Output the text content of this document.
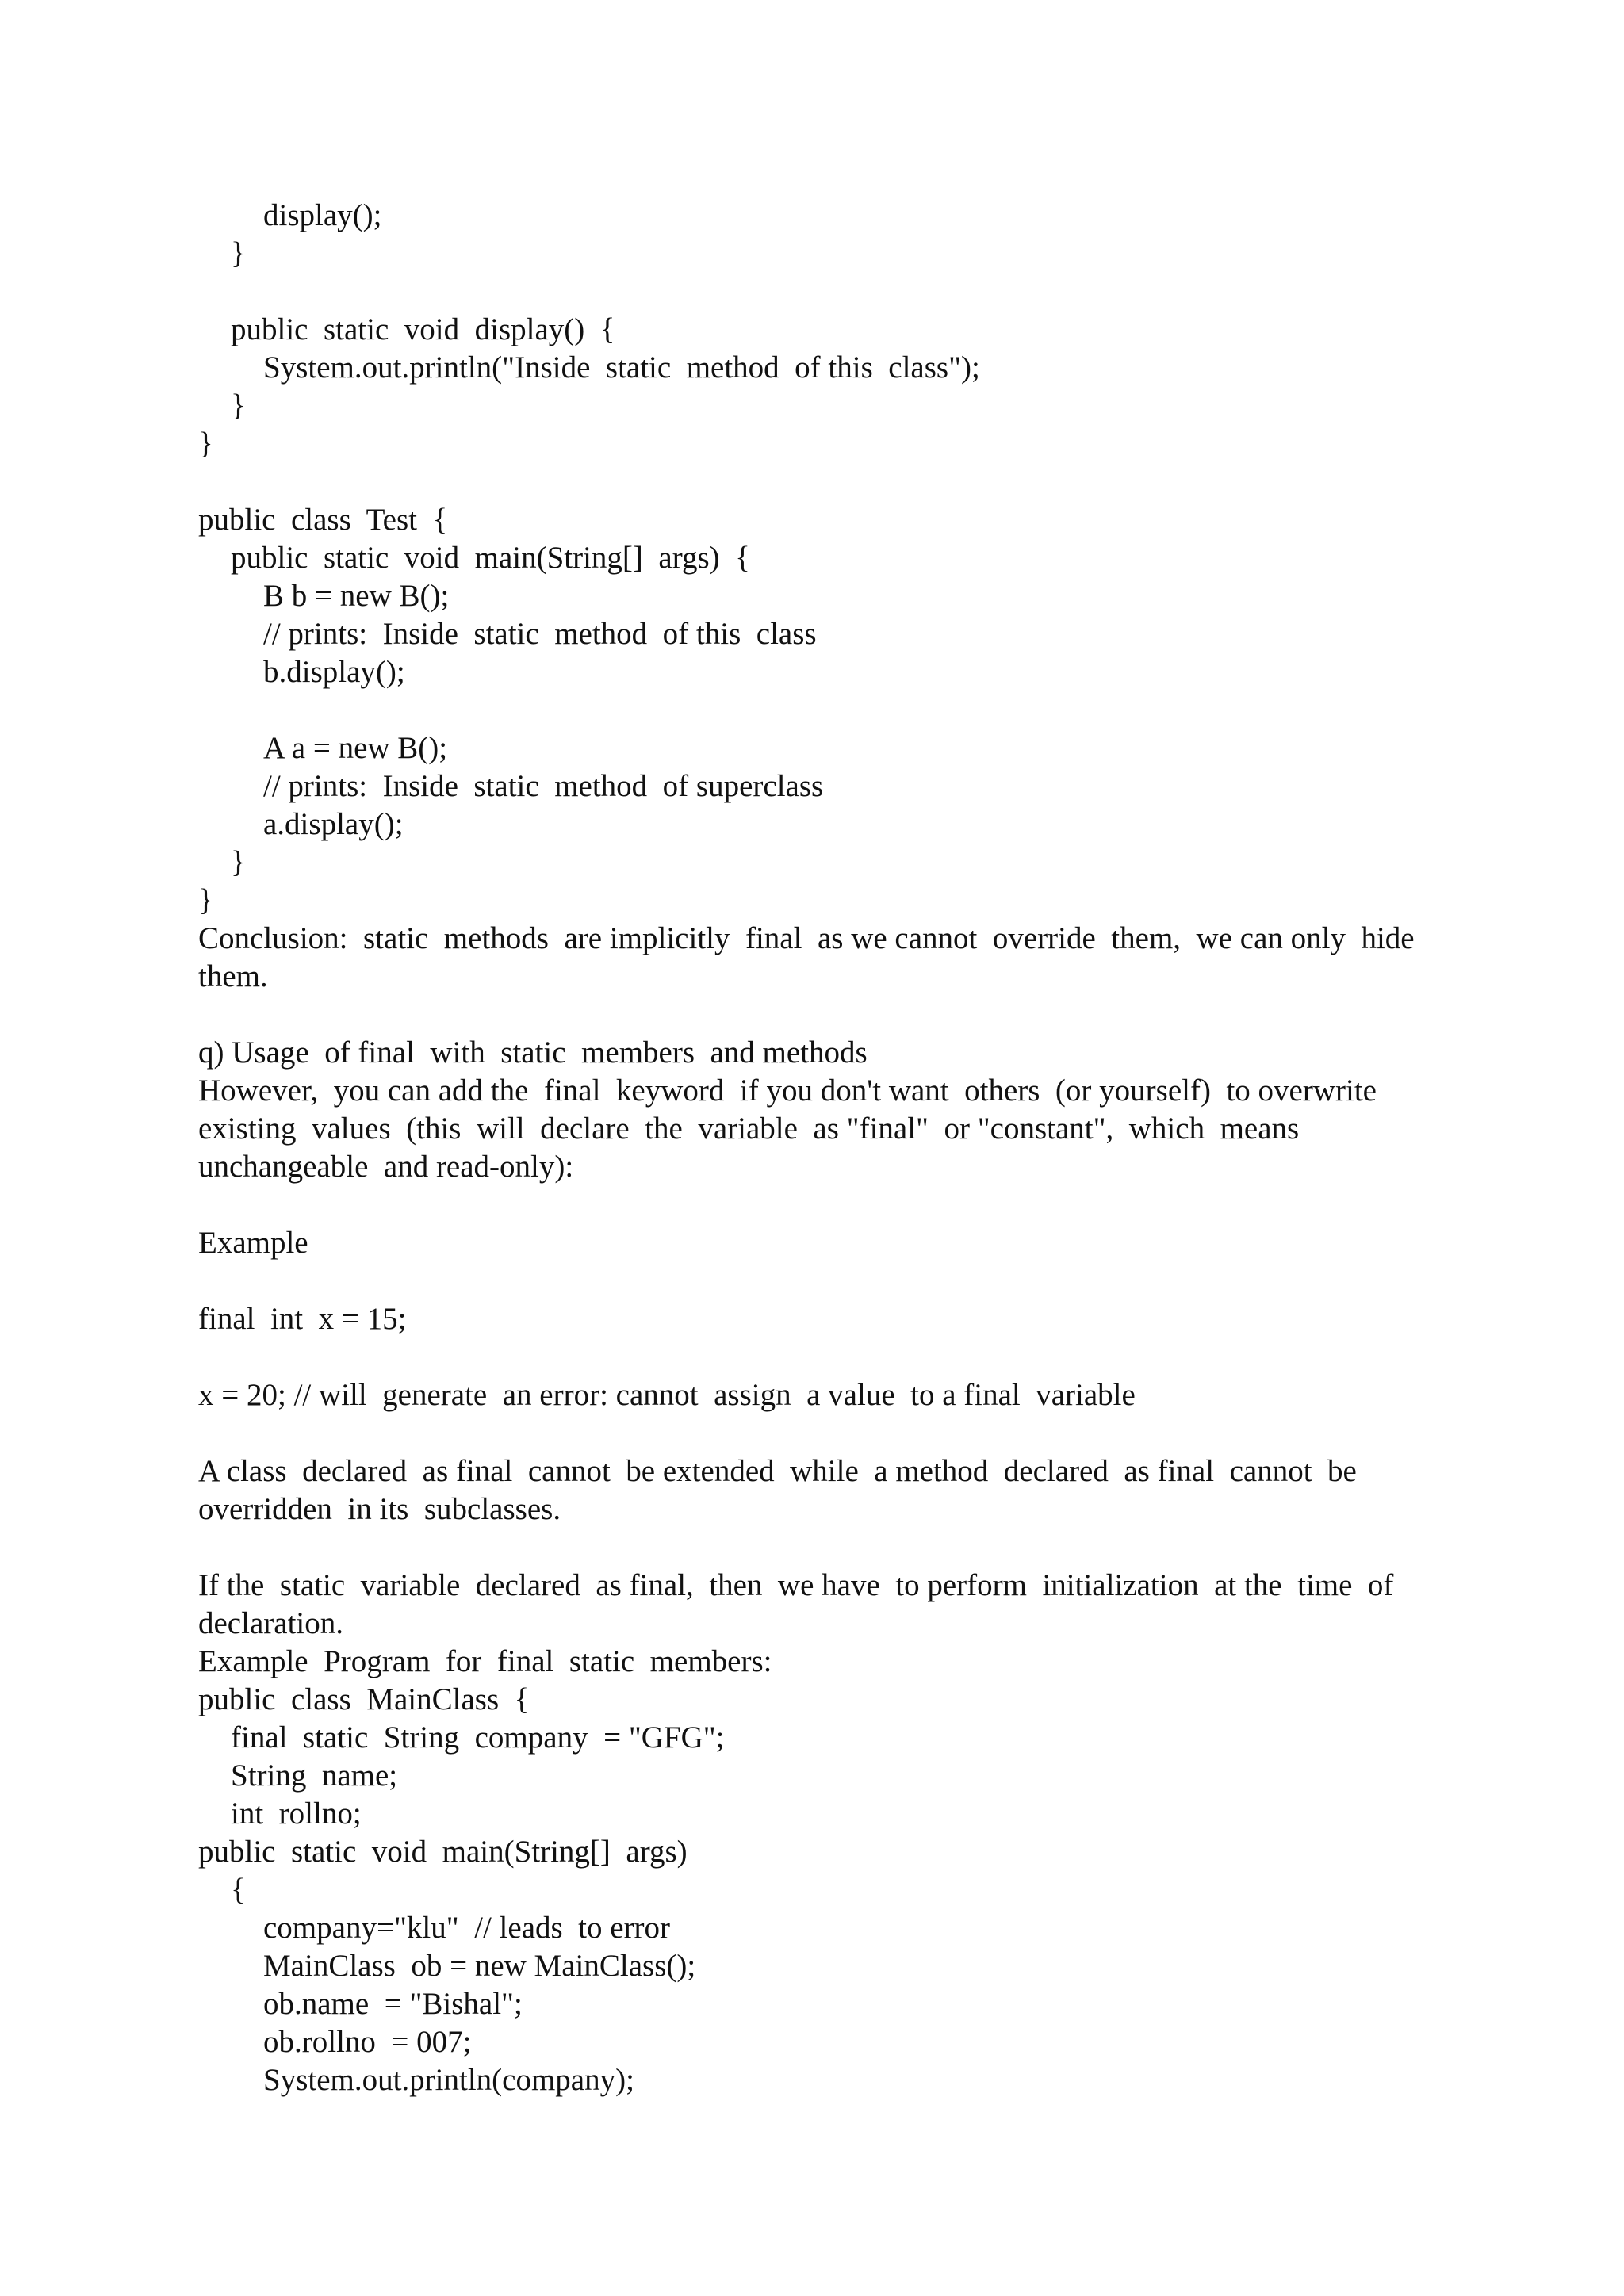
display();
}
public  static  void  display()  {
System.out.println("Inside  static  method  of this  class");
}
}
public  class  Test  {
public  static  void  main(String[]  args)  {
B b = new B();
// prints:  Inside  static  method  of this  class
b.display();
A a = new B();
// prints:  Inside  static  method  of superclass
a.display();
}
}
Conclusion:  static  methods  are implicitly  final  as we cannot  override  them,  we can only  hide
them.
q) Usage  of final  with  static  members  and methods
However,  you can add the  final  keyword  if you don't want  others  (or yourself)  to overwrite
existing  values  (this  will  declare  the  variable  as "final"  or "constant",  which  means
unchangeable  and read-only):
Example
final  int  x = 15;
x = 20; // will  generate  an error: cannot  assign  a value  to a final  variable
A class  declared  as final  cannot  be extended  while  a method  declared  as final  cannot  be
overridden  in its  subclasses.
If the  static  variable  declared  as final,  then  we have  to perform  initialization  at the  time  of
declaration.
Example  Program  for  final  static  members:
public  class  MainClass  {
final  static  String  company  = "GFG";
String  name;
int  rollno;
public  static  void  main(String[]  args)
{
company="klu"  // leads  to error
MainClass  ob = new MainClass();
ob.name  = "Bishal";
ob.rollno  = 007;
System.out.println(company);
